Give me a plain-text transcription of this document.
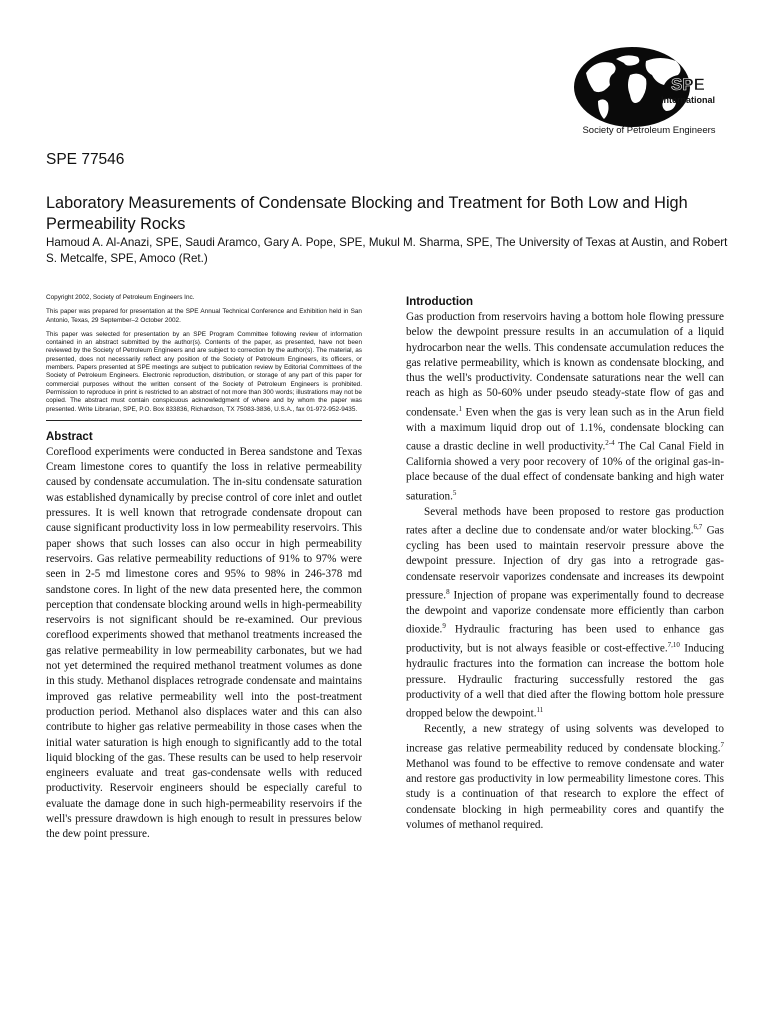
SPE
International
Society of Petroleum Engineers
SPE 77546
Laboratory Measurements of Condensate Blocking and Treatment for Both Low and High Permeability Rocks
Hamoud A. Al-Anazi, SPE, Saudi Aramco, Gary A. Pope, SPE, Mukul M. Sharma, SPE, The University of Texas at Austin, and Robert S. Metcalfe, SPE, Amoco (Ret.)

Copyright 2002, Society of Petroleum Engineers Inc.

This paper was prepared for presentation at the SPE Annual Technical Conference and Exhibition held in San Antonio, Texas, 29 September–2 October 2002.

This paper was selected for presentation by an SPE Program Committee following review of information contained in an abstract submitted by the author(s). Contents of the paper, as presented, have not been reviewed by the Society of Petroleum Engineers and are subject to correction by the author(s). The material, as presented, does not necessarily reflect any position of the Society of Petroleum Engineers, its officers, or members. Papers presented at SPE meetings are subject to publication review by Editorial Committees of the Society of Petroleum Engineers. Electronic reproduction, distribution, or storage of any part of this paper for commercial purposes without the written consent of the Society of Petroleum Engineers is prohibited. Permission to reproduce in print is restricted to an abstract of not more than 300 words; illustrations may not be copied. The abstract must contain conspicuous acknowledgment of where and by whom the paper was presented. Write Librarian, SPE, P.O. Box 833836, Richardson, TX 75083-3836, U.S.A., fax 01-972-952-9435.

Abstract

Coreflood experiments were conducted in Berea sandstone and Texas Cream limestone cores to quantify the loss in relative permeability caused by condensate accumulation. The in-situ condensate saturation was established dynamically by precise control of core inlet and outlet pressures. It is well known that retrograde condensate dropout can cause significant productivity loss in low permeability reservoirs. This paper shows that such losses can also occur in high permeability reservoirs. Gas relative permeability reductions of 91% to 97% were seen in 2-5 md limestone cores and 95% to 98% in 246-378 md sandstone cores. In light of the new data presented here, the common perception that condensate blocking around wells in high-permeability reservoirs is not significant should be re-examined. Our previous coreflood experiments showed that methanol treatments increased the gas relative permeability in low permeability carbonates, but we had not yet determined the required methanol treatment volumes as done in this study. Methanol displaces retrograde condensate and maintains improved gas relative permeability well into the post-treatment production period. Methanol also displaces water and this can also contribute to higher gas relative permeability in those cases when the initial water saturation is high enough to significantly add to the total liquid blocking of the gas. These results can be used to help reservoir engineers evaluate and treat gas-condensate wells with reduced productivity. Reservoir engineers should be especially careful to evaluate the damage done in such high-permeability reservoirs if the well's pressure drawdown is high enough to result in pressures below the dew point pressure.

Introduction

Gas production from reservoirs having a bottom hole flowing pressure below the dewpoint pressure results in an accumulation of a liquid hydrocarbon near the wells. This condensate accumulation reduces the gas relative permeability, which is known as condensate blocking, and thus the well's productivity. Condensate saturations near the well can reach as high as 50-60% under pseudo steady-state flow of gas and condensate.$^1$ Even when the gas is very lean such as in the Arun field with a maximum liquid drop out of 1.1%, condensate blocking can cause a drastic decline in well productivity.$^{2-4}$ The Cal Canal Field in California showed a very poor recovery of 10% of the original gas-in-place because of the dual effect of condensate banking and high water saturation.$^5$

Several methods have been proposed to restore gas production rates after a decline due to condensate and/or water blocking.$^{6,7}$ Gas cycling has been used to maintain reservoir pressure above the dewpoint pressure. Injection of dry gas into a retrograde gas-condensate reservoir vaporizes condensate and increases its dewpoint pressure.$^8$ Injection of propane was experimentally found to decrease the dewpoint and vaporize condensate more efficiently than carbon dioxide.$^9$ Hydraulic fracturing has been used to enhance gas productivity, but is not always feasible or cost-effective.$^{7,10}$ Inducing hydraulic fractures into the formation can increase the bottom hole pressure. Hydraulic fracturing successfully restored the gas productivity of a well that died after the flowing bottom hole pressure dropped below the dewpoint.$^{11}$

Recently, a new strategy of using solvents was developed to increase gas relative permeability reduced by condensate blocking.$^7$ Methanol was found to be effective to remove condensate and water and restore gas productivity in low permeability limestone cores. This study is a continuation of that research to explore the effect of condensate blocking in high permeability cores and quantify the volumes of methanol required.
